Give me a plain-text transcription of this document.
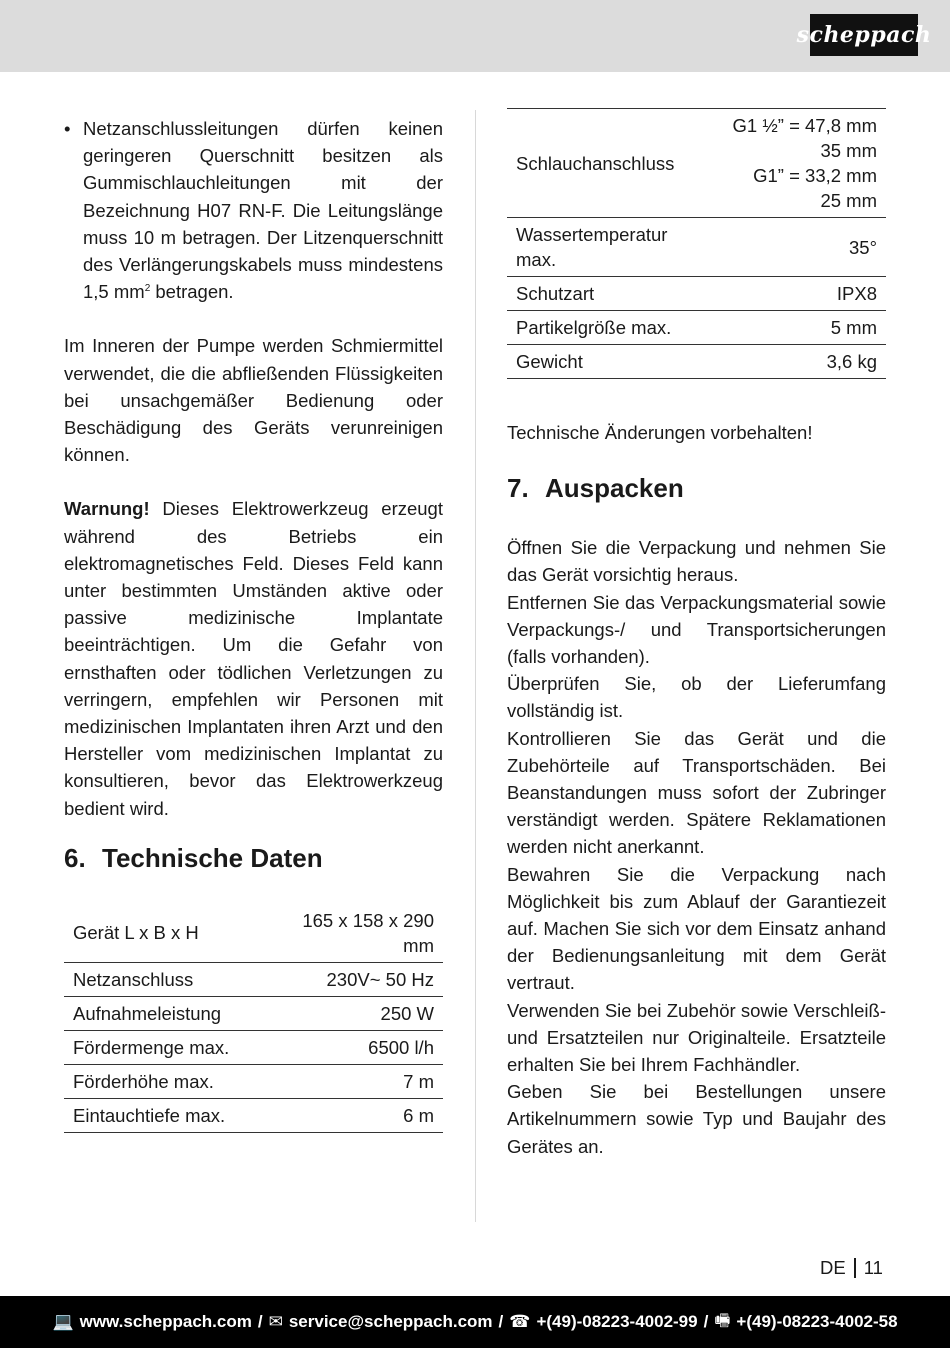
scheppach
• Netzanschlussleitungen dürfen keinen geringeren Querschnitt besitzen als Gummischlauchleitungen mit der Bezeichnung H07 RN-F. Die Leitungslänge muss 10 m betragen. Der Litzenquerschnitt des Verlängerungskabels muss mindestens 1,5 $mm^2$ betragen.

Im Inneren der Pumpe werden Schmiermittel verwendet, die die abfließenden Flüssigkeiten bei unsachgemäßer Bedienung oder Beschädigung des Geräts verunreinigen können.

Warnung! Dieses Elektrowerkzeug erzeugt während des Betriebs ein elektromagnetisches Feld. Dieses Feld kann unter bestimmten Umständen aktive oder passive medizinische Implantate beeinträchtigen. Um die Gefahr von ernsthaften oder tödlichen Verletzungen zu verringern, empfehlen wir Personen mit medizinischen Implantaten ihren Arzt und den Hersteller vom medizinischen Implantat zu konsultieren, bevor das Elektrowerkzeug bedient wird.

6. Technische Daten
Gerät L x B x H	165 x 158 x 290 mm
Netzanschluss	230V~ 50 Hz
Aufnahmeleistung	250 W
Fördermenge max.	6500 l/h
Förderhöhe max.	7 m
Eintauchtiefe max.	6 m
Schlauchanschluss	G1 ½” = 47,8 mm
35 mm
G1” = 33,2 mm
25 mm

Wassertemperatur max.	35°

Schutzart	IPX8

Partikelgröße max.	5 mm

Gewicht	3,6 kg

Technische Änderungen vorbehalten!

7. Auspacken

Öffnen Sie die Verpackung und nehmen Sie das Gerät vorsichtig heraus.

Entfernen Sie das Verpackungsmaterial sowie Verpackungs-/ und Transportsicherungen (falls vorhanden).

Überprüfen Sie, ob der Lieferumfang vollständig ist.

Kontrollieren Sie das Gerät und die Zubehörteile auf Transportschäden. Bei Beanstandungen muss sofort der Zubringer verständigt werden. Spätere Reklamationen werden nicht anerkannt.

Bewahren Sie die Verpackung nach Möglichkeit bis zum Ablauf der Garantiezeit auf. Machen Sie sich vor dem Einsatz anhand der Bedienungsanleitung mit dem Gerät vertraut.

Verwenden Sie bei Zubehör sowie Verschleiß- und Ersatzteilen nur Originalteile. Ersatzteile erhalten Sie bei Ihrem Fachhändler.

Geben Sie bei Bestellungen unsere Artikelnummern sowie Typ und Baujahr des Gerätes an.

DE 11
💻 www.scheppach.com / ✉ service@scheppach.com / ☎ +(49)-08223-4002-99 / 🖷 +(49)-08223-4002-58
